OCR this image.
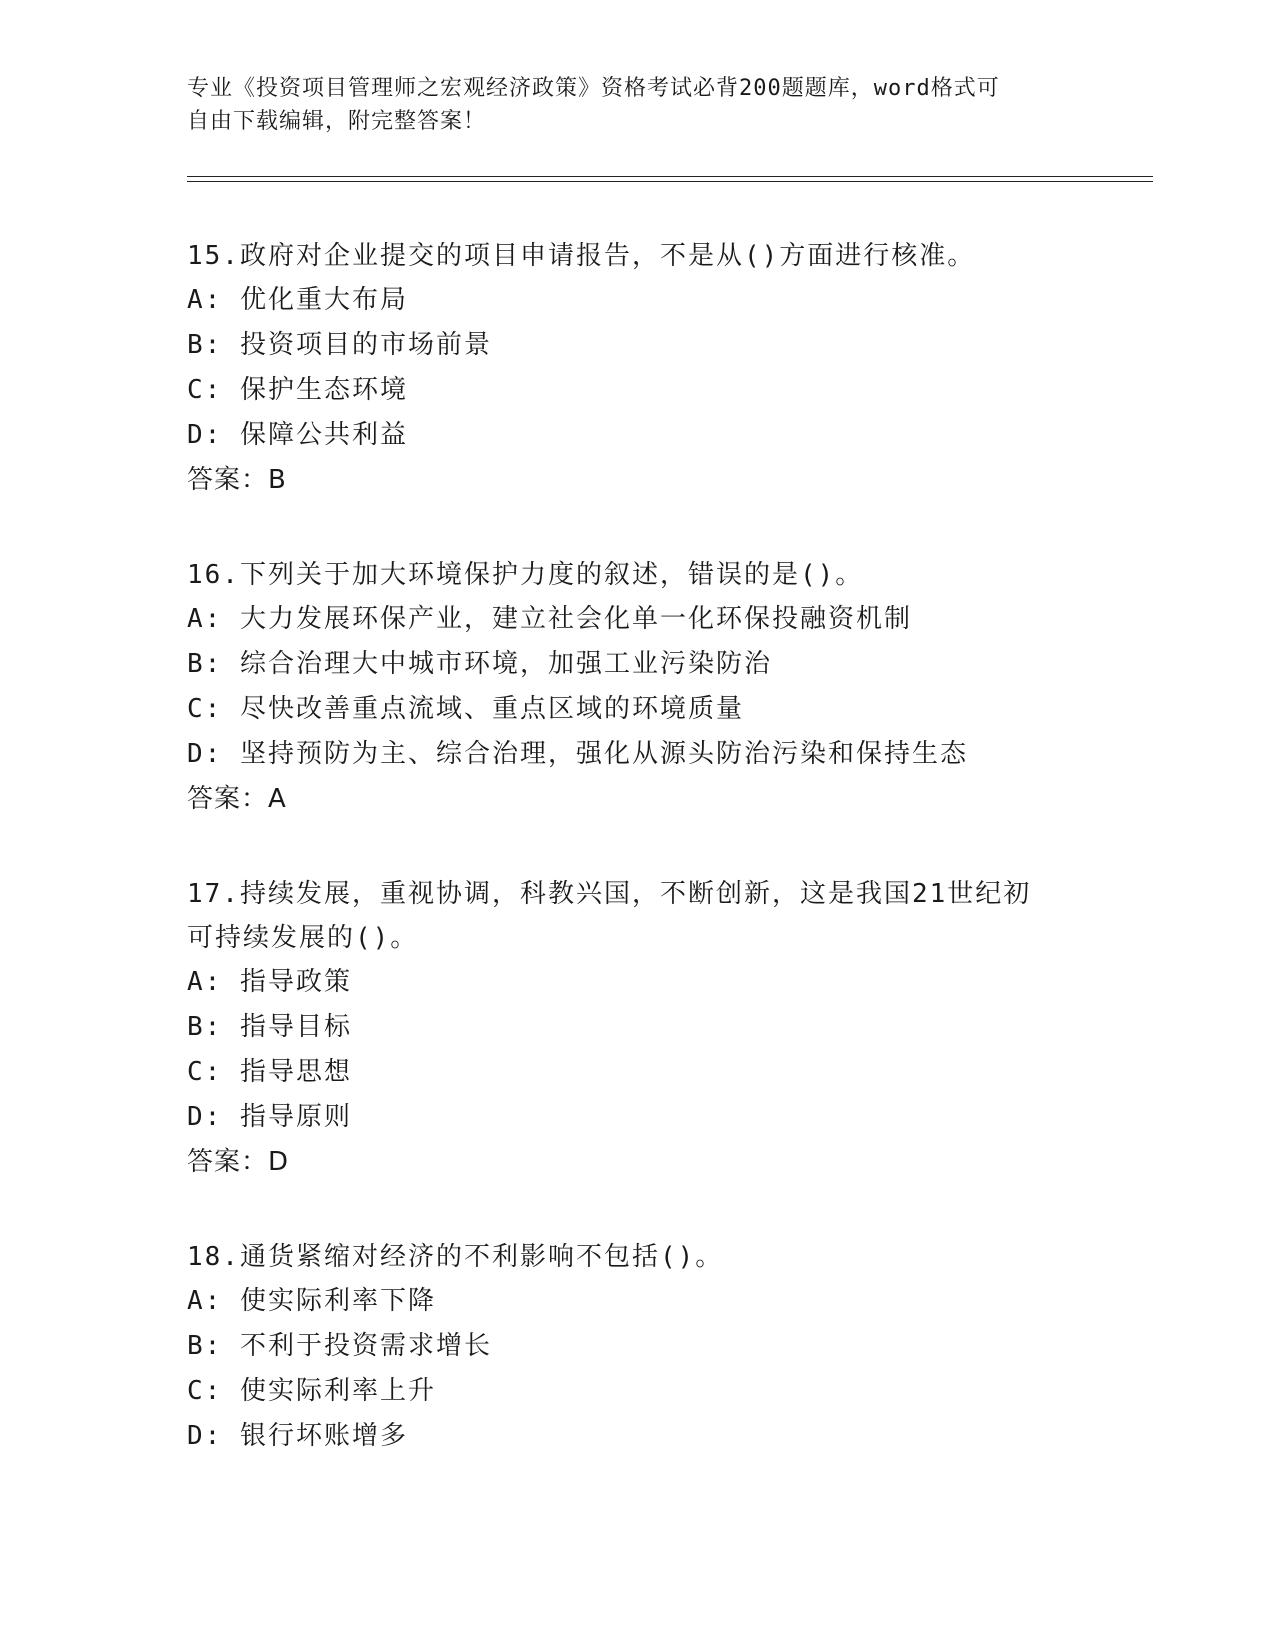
专业《投资项目管理师之宏观经济政策》资格考试必背200题题库，word格式可
自由下载编辑，附完整答案！

15.政府对企业提交的项目申请报告，不是从()方面进行核准。

A: 优化重大布局

B: 投资项目的市场前景

C: 保护生态环境

D: 保障公共利益

答案：B

16.下列关于加大环境保护力度的叙述，错误的是()。

A: 大力发展环保产业，建立社会化单一化环保投融资机制

B: 综合治理大中城市环境，加强工业污染防治

C: 尽快改善重点流域、重点区域的环境质量

D: 坚持预防为主、综合治理，强化从源头防治污染和保持生态

答案：A

17.持续发展，重视协调，科教兴国，不断创新，这是我国21世纪初

可持续发展的()。

A: 指导政策

B: 指导目标

C: 指导思想

D: 指导原则

答案：D

18.通货紧缩对经济的不利影响不包括()。

A: 使实际利率下降

B: 不利于投资需求增长

C: 使实际利率上升

D: 银行坏账增多
